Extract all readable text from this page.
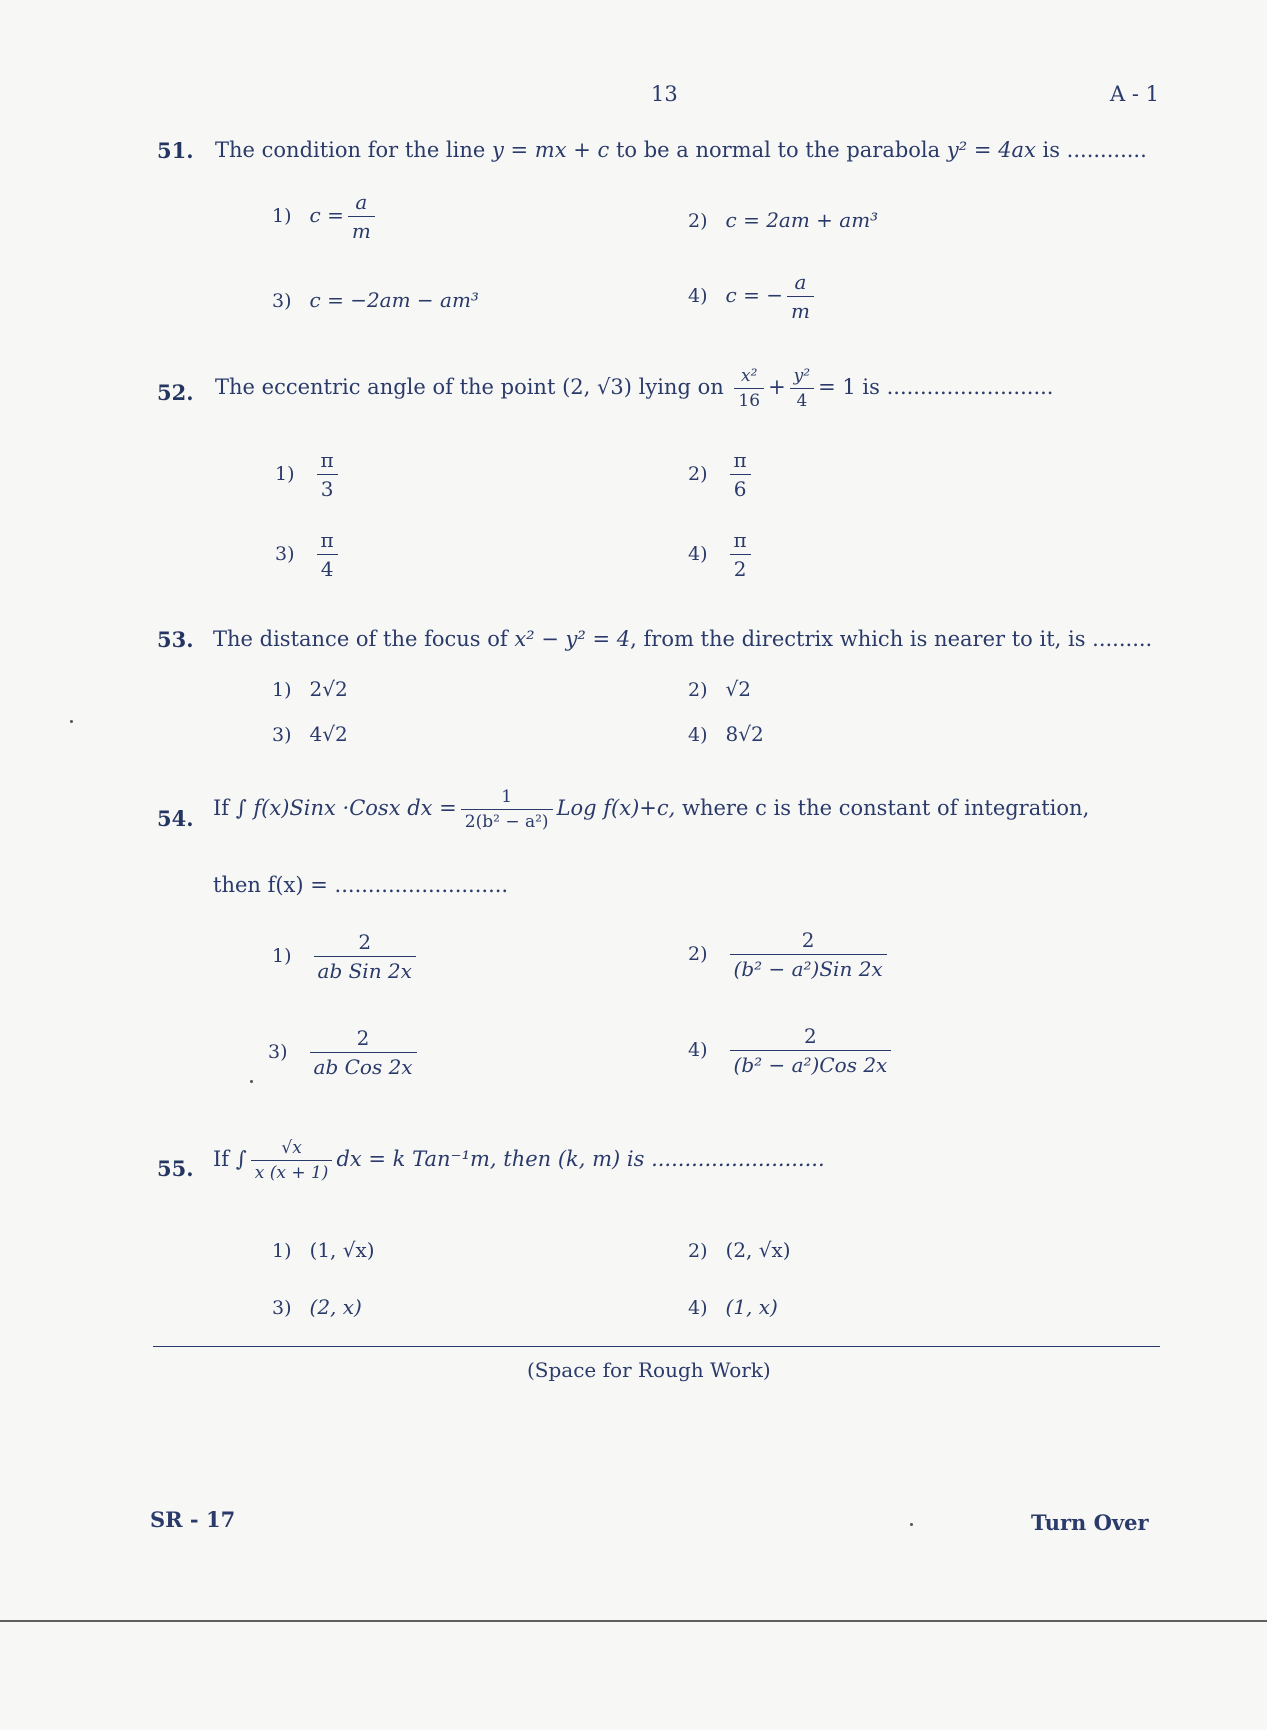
13	A - 1
51. The condition for the line y = mx + c to be a normal to the parabola y² = 4ax is ............
1) $c = \frac{a}{m}$	2) c = 2am + am³
3) c = −2am − am³	4) c = − $\frac{a}{m}$
52. The eccentric angle of the point (2, √3) lying on $\frac{\text{x²}}{16} + \frac{\text{y²}}{4} = 1$ is .........................
$1) \frac{\pi}{3}$	$2) \frac{\pi}{6}$
$3) \frac{\pi}{4}$	$4) \frac{\pi}{2}$
53. The distance of the focus of x² − y² = 4, from the directrix which is nearer to it, is .........
1) 2√2	2) √2
3) 4√2	4) 8√2
54. If ∫ f(x)Sinx ·Cosx dx = $\frac{1}{\text{2(b² − a²)}}$ Log f(x)+c, where c is the constant of integration,
then f(x) = ..........................
$1) \frac{2}{\text{ab Sin 2x}}$	$2) \frac{2}{\text{(b² − a²)Sin 2x}}$
$3) \frac{2}{\text{ab Cos 2x}}$	$4) \frac{2}{\text{(b² − a²)Cos 2x}}$
55. If ∫ $\frac{√x}{x (x + 1)}$ dx = k Tan⁻¹m, then (k, m) is ..........................
1) (1, √x)	2) (2, √x)
3) (2, x)	4) (1, x)
(Space for Rough Work)
SR - 17	Turn Over
